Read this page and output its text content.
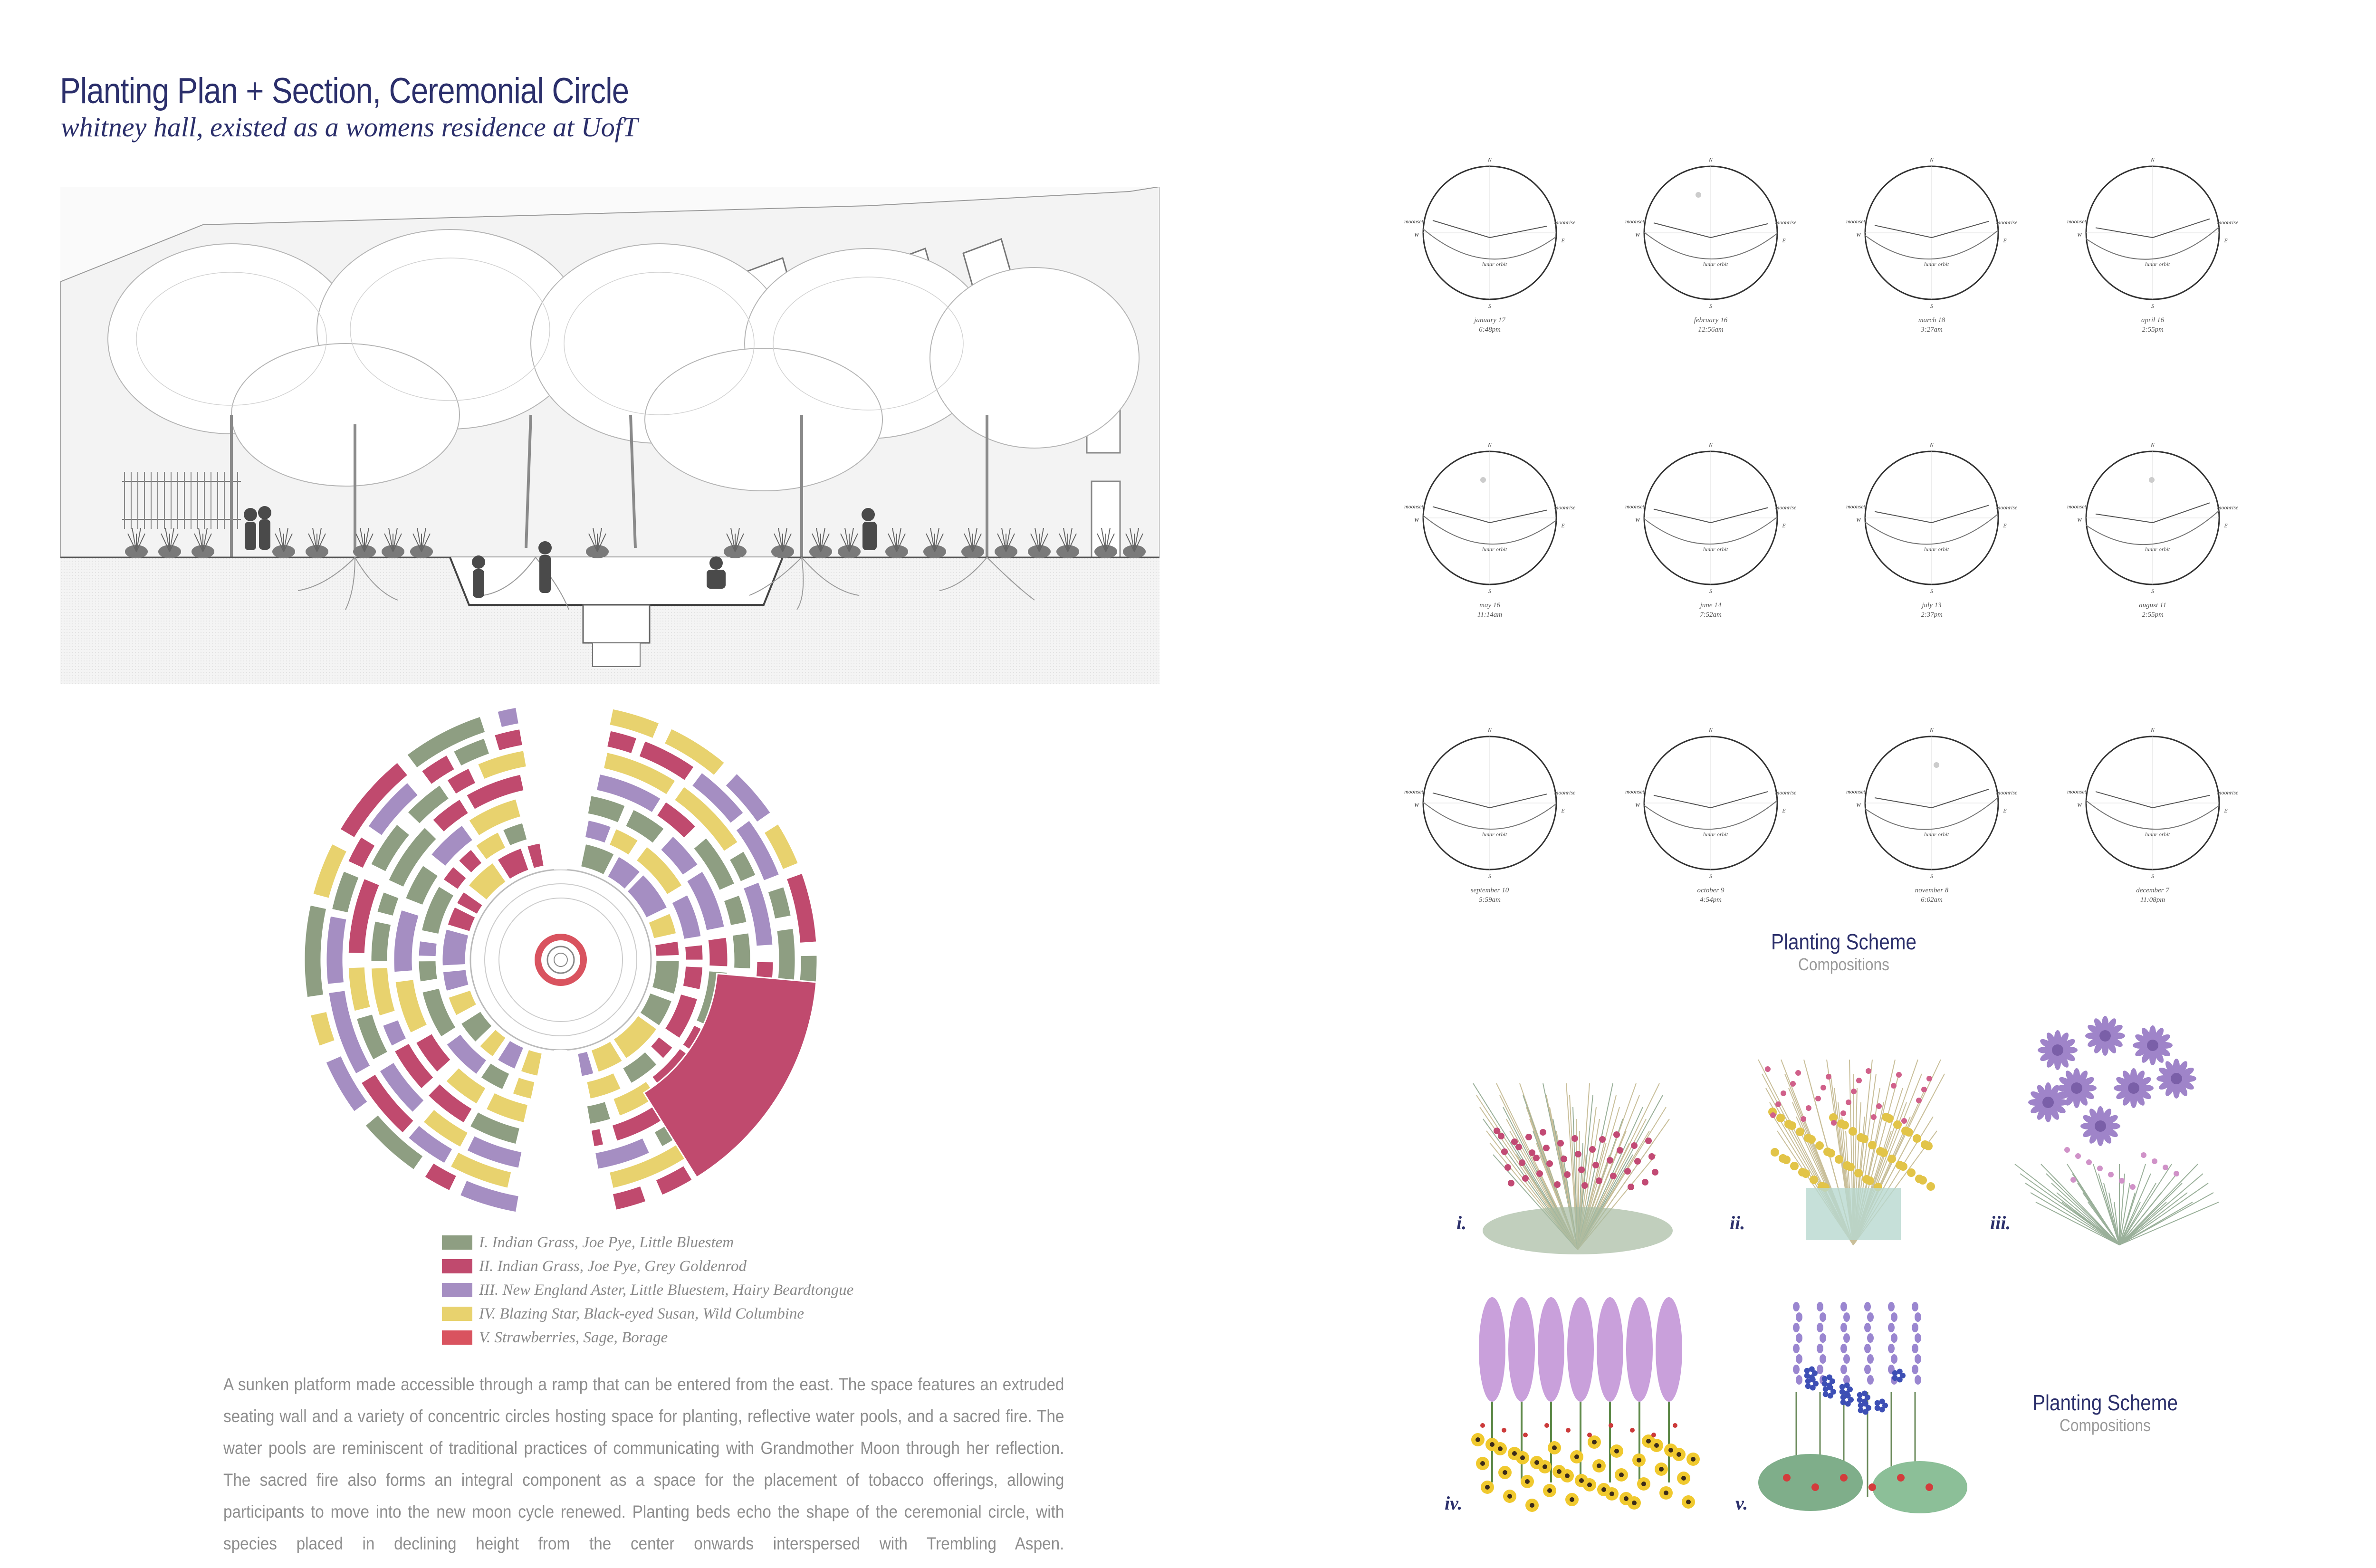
Planting Plan + Section, Ceremonial Circle
whitney hall, existed as a womens residence at UofT
I. Indian Grass, Joe Pye, Little Bluestem
II. Indian Grass, Joe Pye, Grey Goldenrod
III. New England Aster, Little Bluestem, Hairy Beardtongue
IV. Blazing Star, Black-eyed Susan, Wild Columbine
V. Strawberries, Sage, Borage
A sunken platform made accessible through a ramp that can be entered from the east. The space features an extruded seating wall and a variety of concentric circles hosting space for planting, reflective water pools, and a sacred fire. The water pools are reminiscent of traditional practices of communicating with Grandmother Moon through her reflection. The sacred fire also forms an integral component as a space for the placement of tobacco offerings, allowing participants to move into the new moon cycle renewed. Planting beds echo the shape of the ceremonial circle, with species placed in declining height from the center onwards interspersed with Trembling Aspen.
N
S
E
W
moonset	moonrise
lunar orbit
january 17
6:48pm
N
S
E
W
moonset	moonrise
lunar orbit
february 16
12:56am
N
S
E
W
moonset	moonrise
lunar orbit
march 18
3:27am
N
S
E
W
moonset	moonrise
lunar orbit
april 16
2:55pm
N
S
E
W
moonset	moonrise
lunar orbit
may 16
11:14am
N
S
E
W
moonset	moonrise
lunar orbit
june 14
7:52am
N
S
E
W
moonset	moonrise
lunar orbit
july 13
2:37pm
N
S
E
W
moonset	moonrise
lunar orbit
august 11
2:55pm
N
S
E
W
moonset	moonrise
lunar orbit
september 10
5:59am
N
S
E
W
moonset	moonrise
lunar orbit
october 9
4:54pm
N
S
E
W
moonset	moonrise
lunar orbit
november 8
6:02am
N
S
E
W
moonset	moonrise
lunar orbit
december 7
11:08pm
Planting Scheme
Compositions
Planting Scheme
Compositions
i.	ii.	iii.
iv.	v.
